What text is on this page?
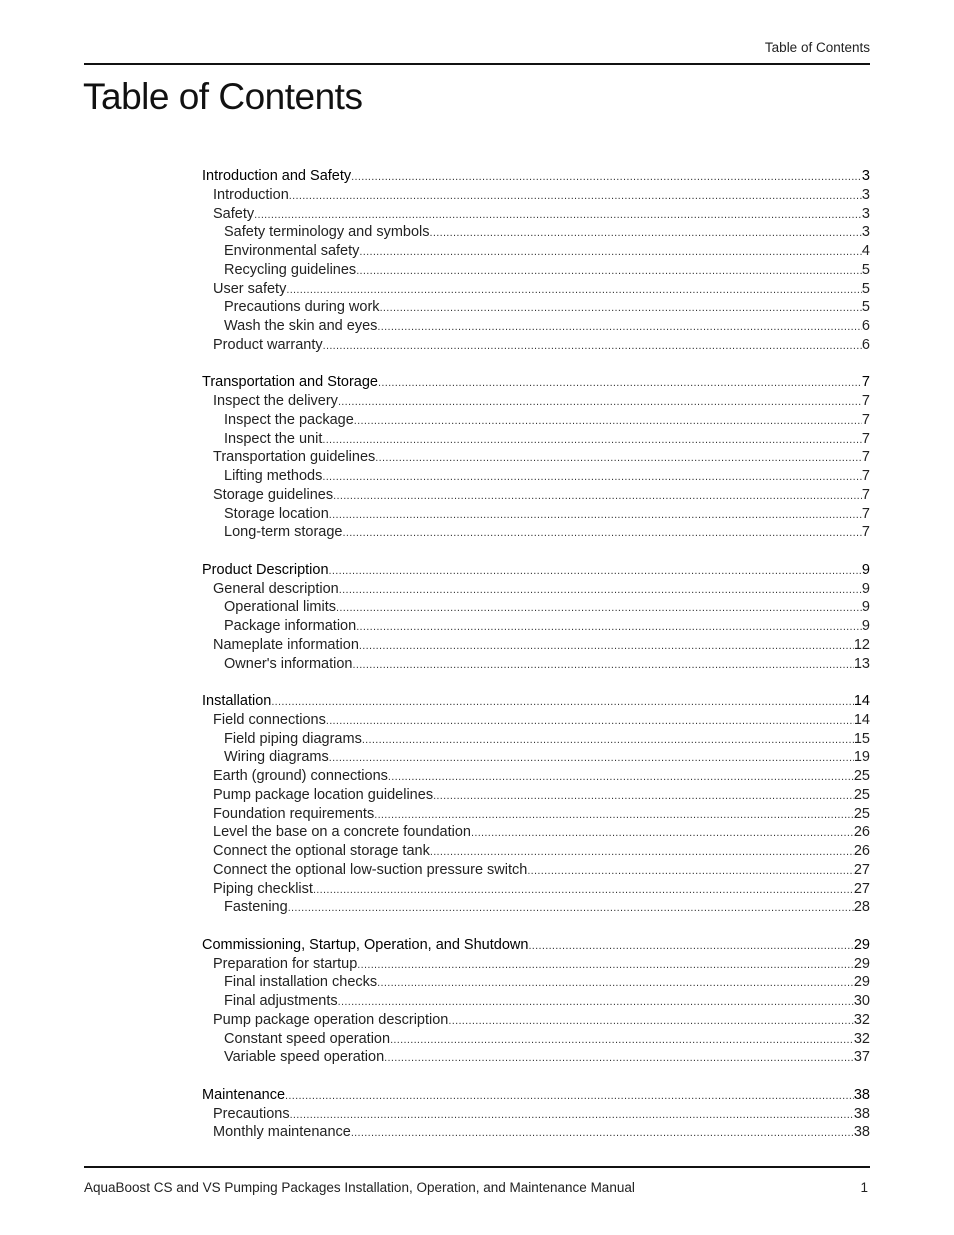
Table of Contents
Table of Contents
Introduction and Safety .....	3
Introduction .....	3
Safety .....	3
Safety terminology and symbols .....	3
Environmental safety .....	4
Recycling guidelines .....	5
User safety .....	5
Precautions during work .....	5
Wash the skin and eyes .....	6
Product warranty .....	6
Transportation and Storage .....	7
Inspect the delivery .....	7
Inspect the package .....	7
Inspect the unit .....	7
Transportation guidelines .....	7
Lifting methods .....	7
Storage guidelines .....	7
Storage location .....	7
Long-term storage .....	7
Product Description .....	9
General description .....	9
Operational limits .....	9
Package information .....	9
Nameplate information .....	12
Owner's information .....	13
Installation .....	14
Field connections .....	14
Field piping diagrams .....	15
Wiring diagrams .....	19
Earth (ground) connections .....	25
Pump package location guidelines .....	25
Foundation requirements .....	25
Level the base on a concrete foundation .....	26
Connect the optional storage tank .....	26
Connect the optional low-suction pressure switch .....	27
Piping checklist .....	27
Fastening .....	28
Commissioning, Startup, Operation, and Shutdown .....	29
Preparation for startup .....	29
Final installation checks .....	29
Final adjustments .....	30
Pump package operation description .....	32
Constant speed operation .....	32
Variable speed operation .....	37
Maintenance .....	38
Precautions .....	38
Monthly maintenance .....	38
AquaBoost CS and VS Pumping Packages Installation, Operation, and Maintenance Manual	1
